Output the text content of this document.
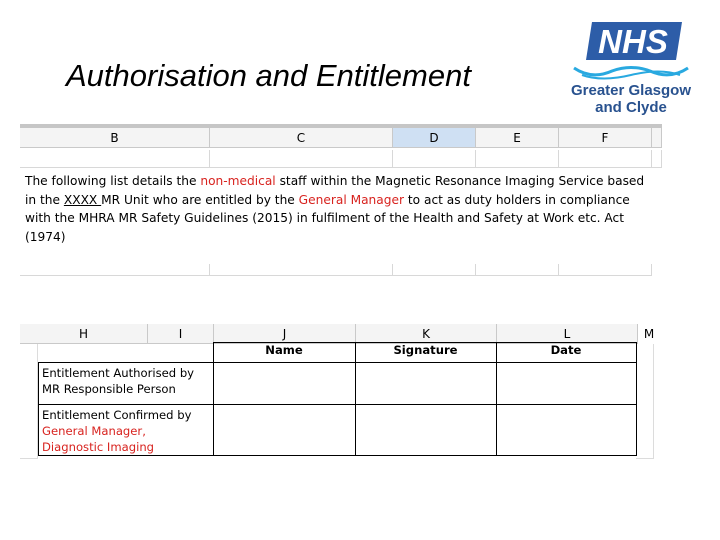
Authorisation and Entitlement
NHS
Greater Glasgow
and Clyde
B	C	D	E	F
The following list details the non-medical staff within the Magnetic Resonance Imaging Service based in the XXXX MR Unit who are entitled by the General Manager to act as duty holders in compliance with the MHRA MR Safety Guidelines (2015) in fulfilment of the Health and Safety at Work etc. Act (1974)
H	I	J	K	L	M
	Name	Signature	Date

Entitlement Authorised by
MR Responsible Person			

Entitlement Confirmed by
General Manager,
Diagnostic Imaging			
